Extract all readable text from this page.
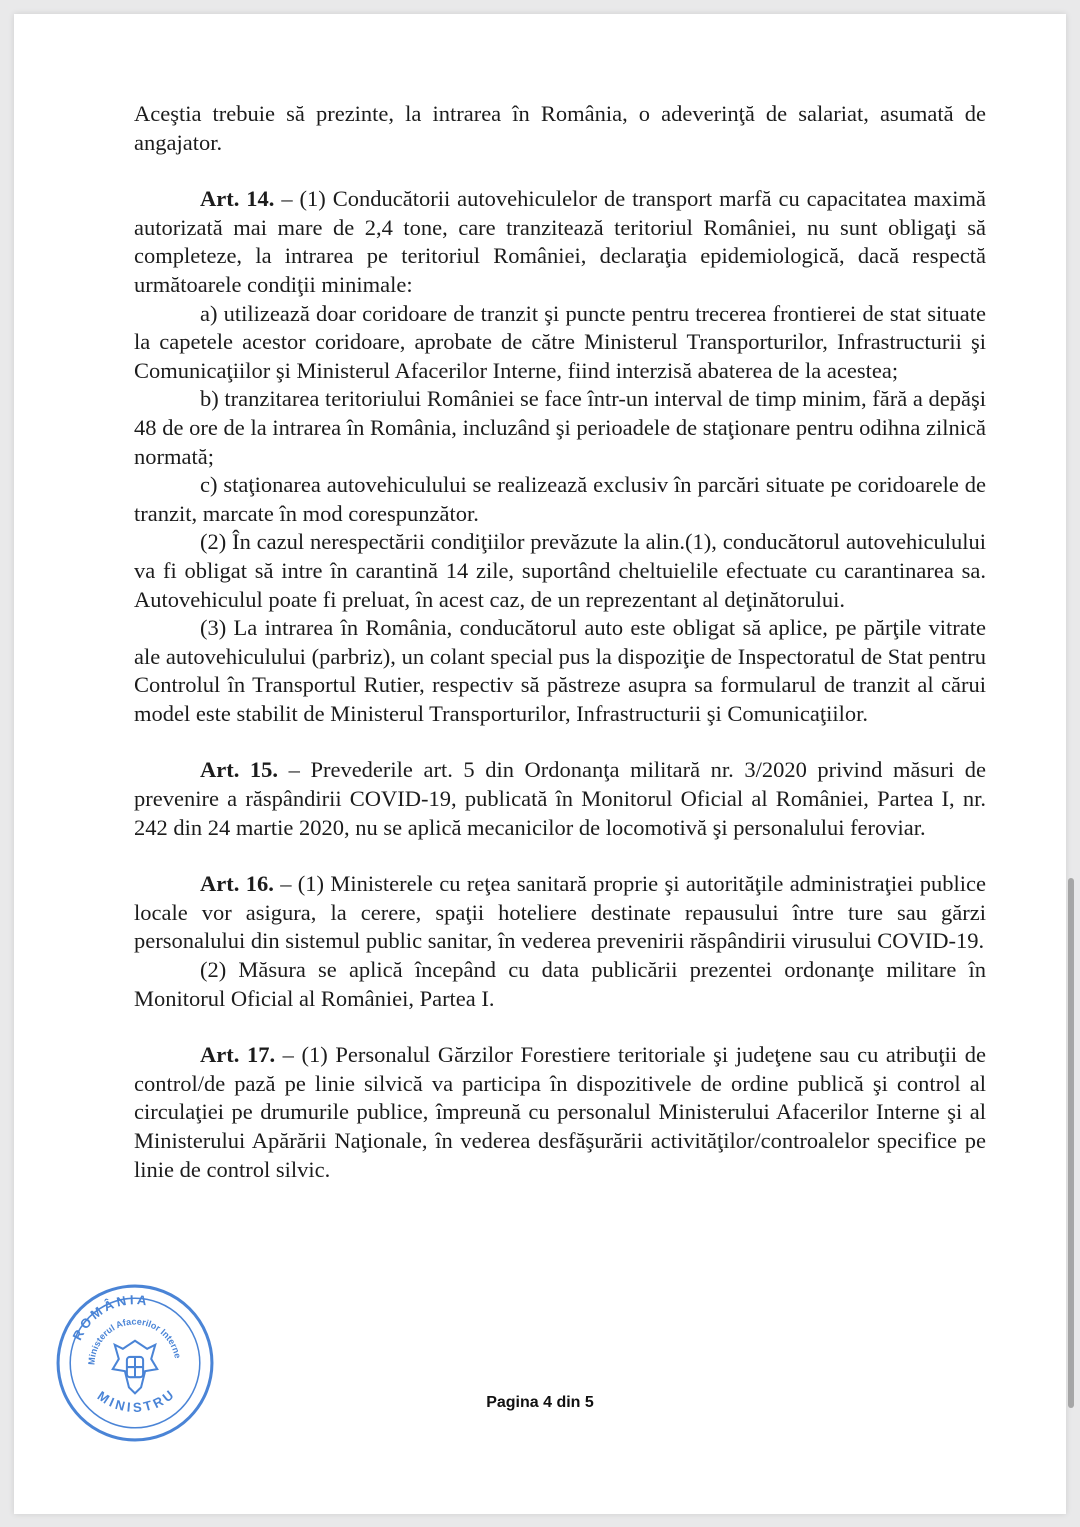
Aceştia trebuie să prezinte, la intrarea în România, o adeverinţă de salariat, asumată de angajator.

Art. 14. – (1) Conducătorii autovehiculelor de transport marfă cu capacitatea maximă autorizată mai mare de 2,4 tone, care tranzitează teritoriul României, nu sunt obligaţi să completeze, la intrarea pe teritoriul României, declaraţia epidemiologică, dacă respectă următoarele condiţii minimale:

a) utilizează doar coridoare de tranzit şi puncte pentru trecerea frontierei de stat situate la capetele acestor coridoare, aprobate de către Ministerul Transporturilor, Infrastructurii şi Comunicaţiilor şi Ministerul Afacerilor Interne, fiind interzisă abaterea de la acestea;

b) tranzitarea teritoriului României se face într-un interval de timp minim, fără a depăşi 48 de ore de la intrarea în România, incluzând şi perioadele de staţionare pentru odihna zilnică normată;

c) staţionarea autovehiculului se realizează exclusiv în parcări situate pe coridoarele de tranzit, marcate în mod corespunzător.

(2) În cazul nerespectării condiţiilor prevăzute la alin.(1), conducătorul autovehiculului va fi obligat să intre în carantină 14 zile, suportând cheltuielile efectuate cu carantinarea sa. Autovehiculul poate fi preluat, în acest caz, de un reprezentant al deţinătorului.

(3) La intrarea în România, conducătorul auto este obligat să aplice, pe părţile vitrate ale autovehiculului (parbriz), un colant special pus la dispoziţie de Inspectoratul de Stat pentru Controlul în Transportul Rutier, respectiv să păstreze asupra sa formularul de tranzit al cărui model este stabilit de Ministerul Transporturilor, Infrastructurii şi Comunicaţiilor.

Art. 15. – Prevederile art. 5 din Ordonanţa militară nr. 3/2020 privind măsuri de prevenire a răspândirii COVID-19, publicată în Monitorul Oficial al României, Partea I, nr. 242 din 24 martie 2020, nu se aplică mecanicilor de locomotivă şi personalului feroviar.

Art. 16. – (1) Ministerele cu reţea sanitară proprie şi autorităţile administraţiei publice locale vor asigura, la cerere, spaţii hoteliere destinate repausului între ture sau gărzi personalului din sistemul public sanitar, în vederea prevenirii răspândirii virusului COVID-19.

(2) Măsura se aplică începând cu data publicării prezentei ordonanţe militare în Monitorul Oficial al României, Partea I.

Art. 17. – (1) Personalul Gărzilor Forestiere teritoriale şi judeţene sau cu atribuţii de control/de pază pe linie silvică va participa în dispozitivele de ordine publică şi control al circulaţiei pe drumurile publice, împreună cu personalul Ministerului Afacerilor Interne şi al Ministerului Apărării Naţionale, în vederea desfăşurării activităţilor/controalelor specifice pe linie de control silvic.

Pagina 4 din 5
ROMÂNIA
Ministerul Afacerilor Interne
MINISTRU
